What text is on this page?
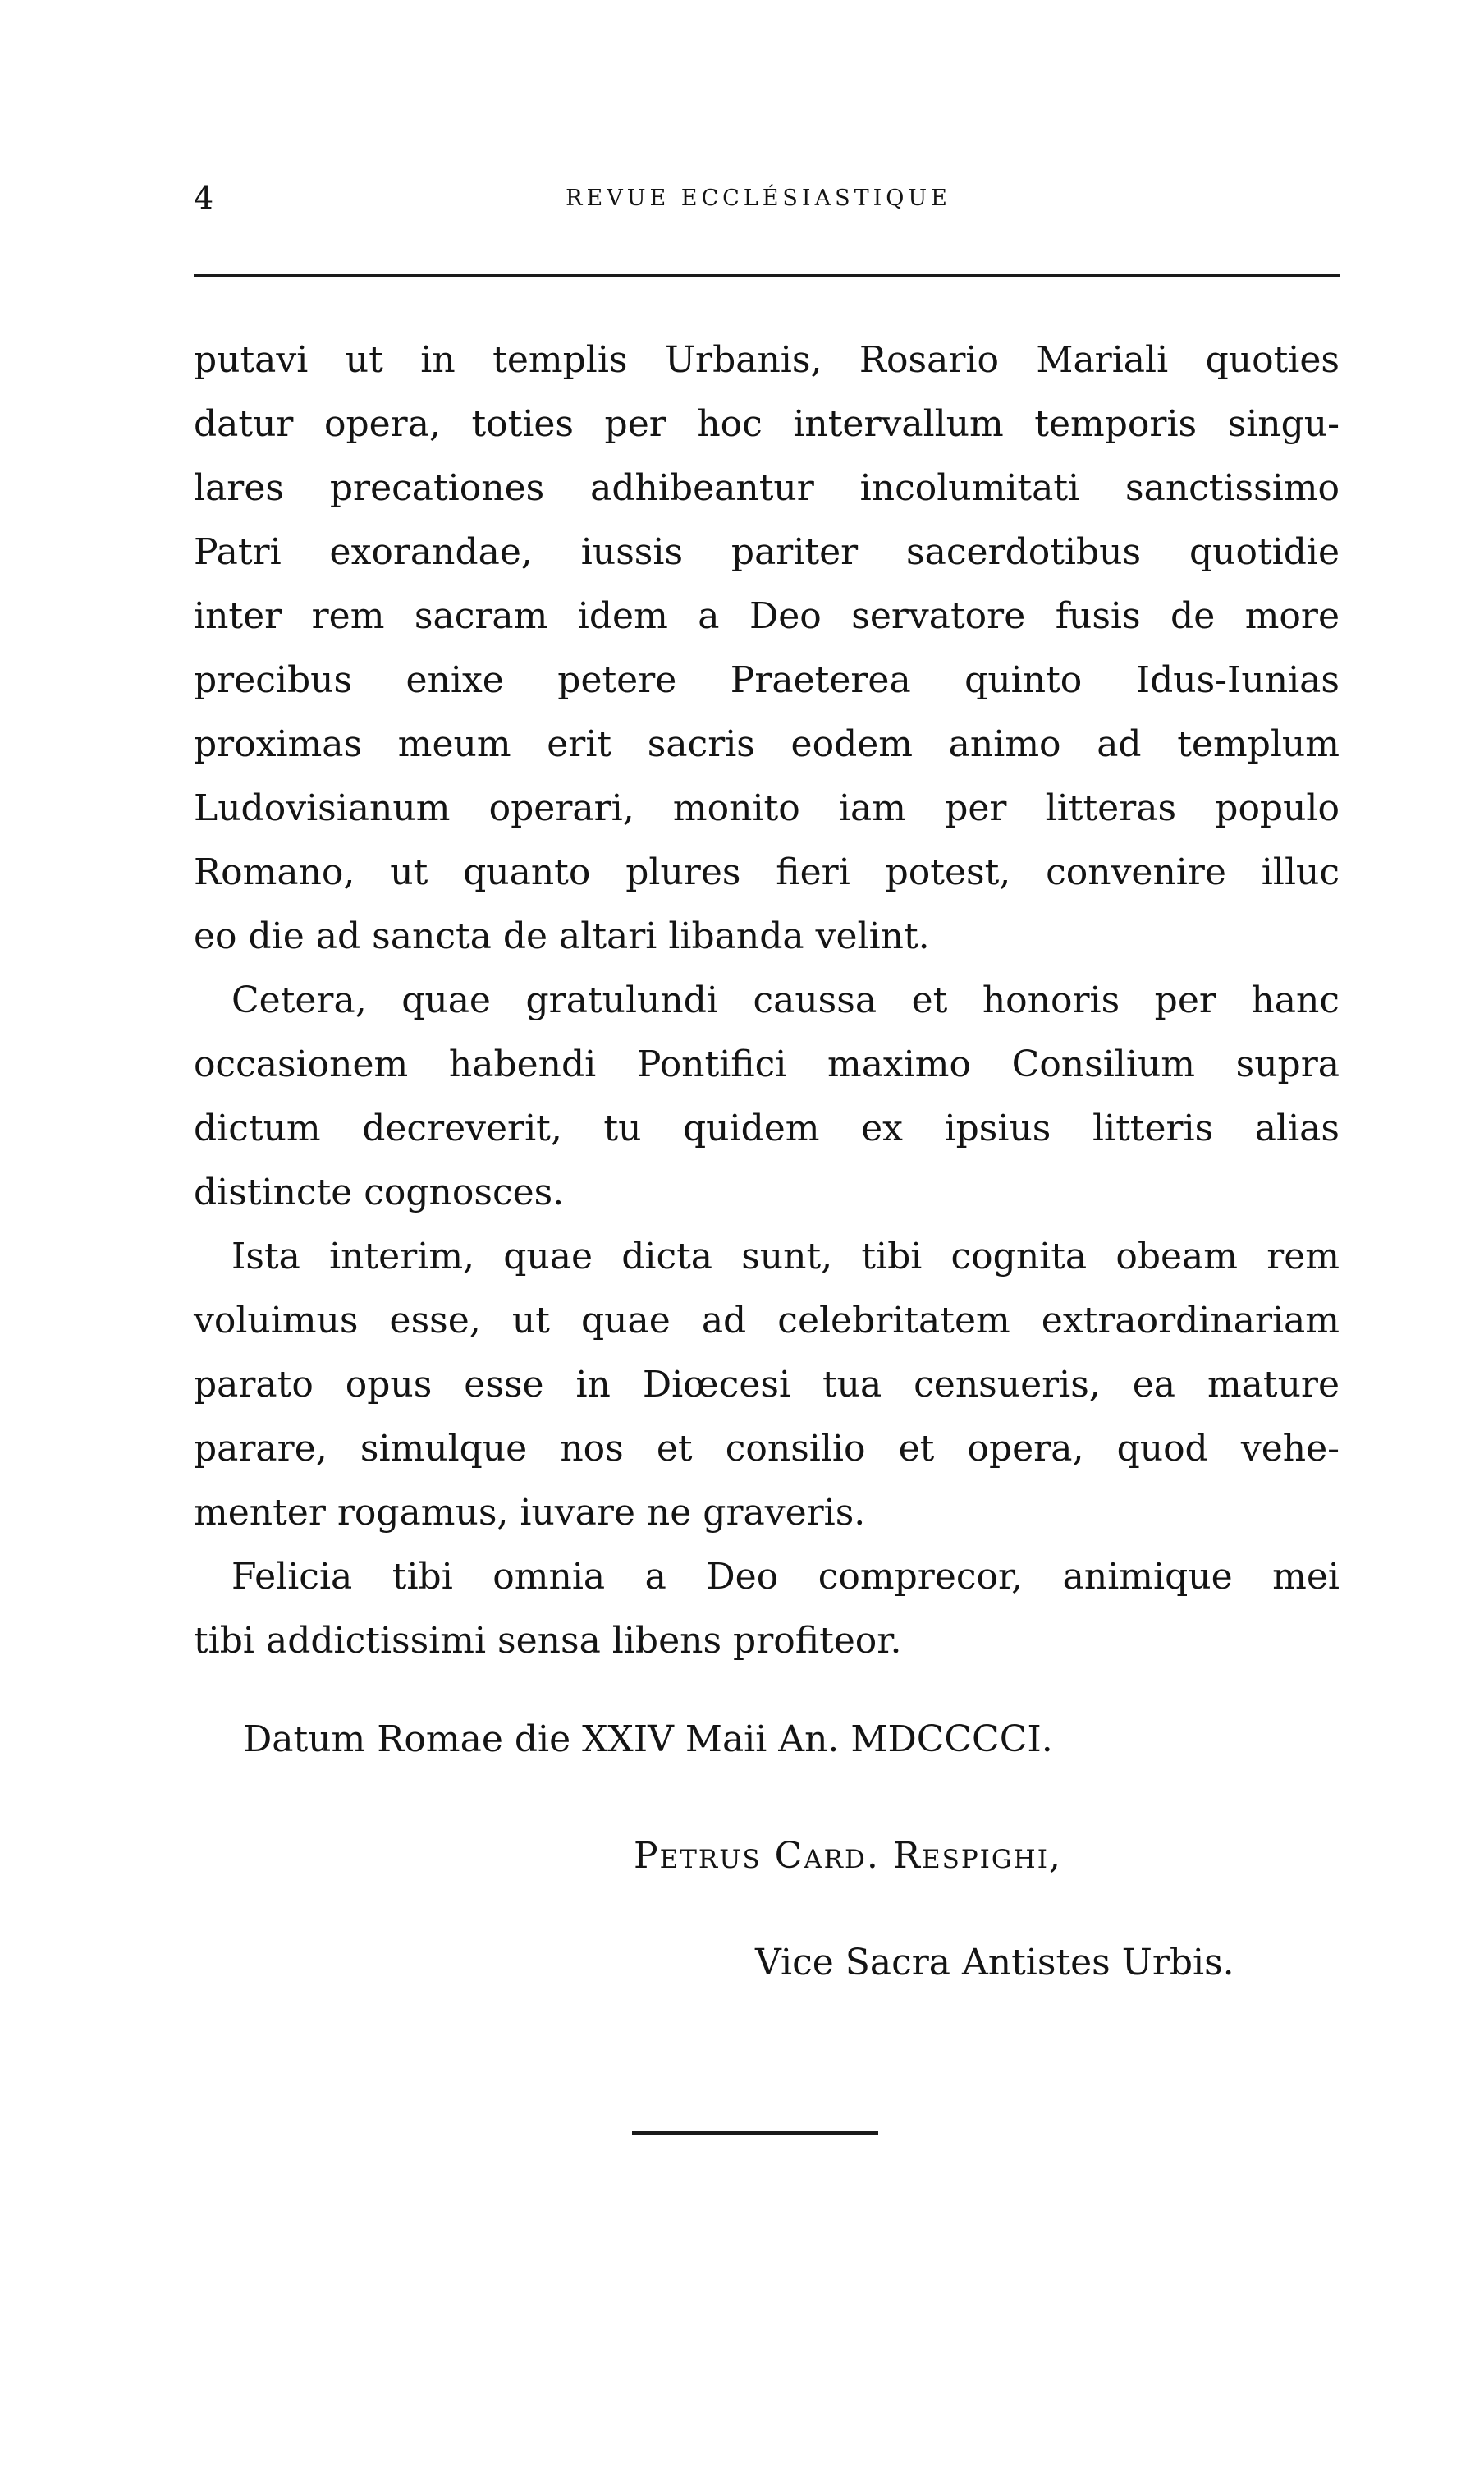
4	REVUE ECCLÉSIASTIQUE
putavi ut in templis Urbanis, Rosario Mariali quoties
datur opera, toties per hoc intervallum temporis singu-
lares precationes adhibeantur incolumitati sanctissimo
Patri exorandae, iussis pariter sacerdotibus quotidie
inter rem sacram idem a Deo servatore fusis de more
precibus enixe petere Praeterea quinto Idus-Iunias
proximas meum erit sacris eodem animo ad templum
Ludovisianum operari, monito iam per litteras populo
Romano, ut quanto plures fieri potest, convenire illuc
eo die ad sancta de altari libanda velint.
Cetera, quae gratulundi caussa et honoris per hanc
occasionem habendi Pontifici maximo Consilium supra
dictum decreverit, tu quidem ex ipsius litteris alias
distincte cognosces.
Ista interim, quae dicta sunt, tibi cognita obeam rem
voluimus esse, ut quae ad celebritatem extraordinariam
parato opus esse in Diœcesi tua censueris, ea mature
parare, simulque nos et consilio et opera, quod vehe-
menter rogamus, iuvare ne graveris.
Felicia tibi omnia a Deo comprecor, animique mei
tibi addictissimi sensa libens profiteor.
Datum Romae die XXIV Maii An. MDCCCCI.
Petrus Card. Respighi,
Vice Sacra Antistes Urbis.
